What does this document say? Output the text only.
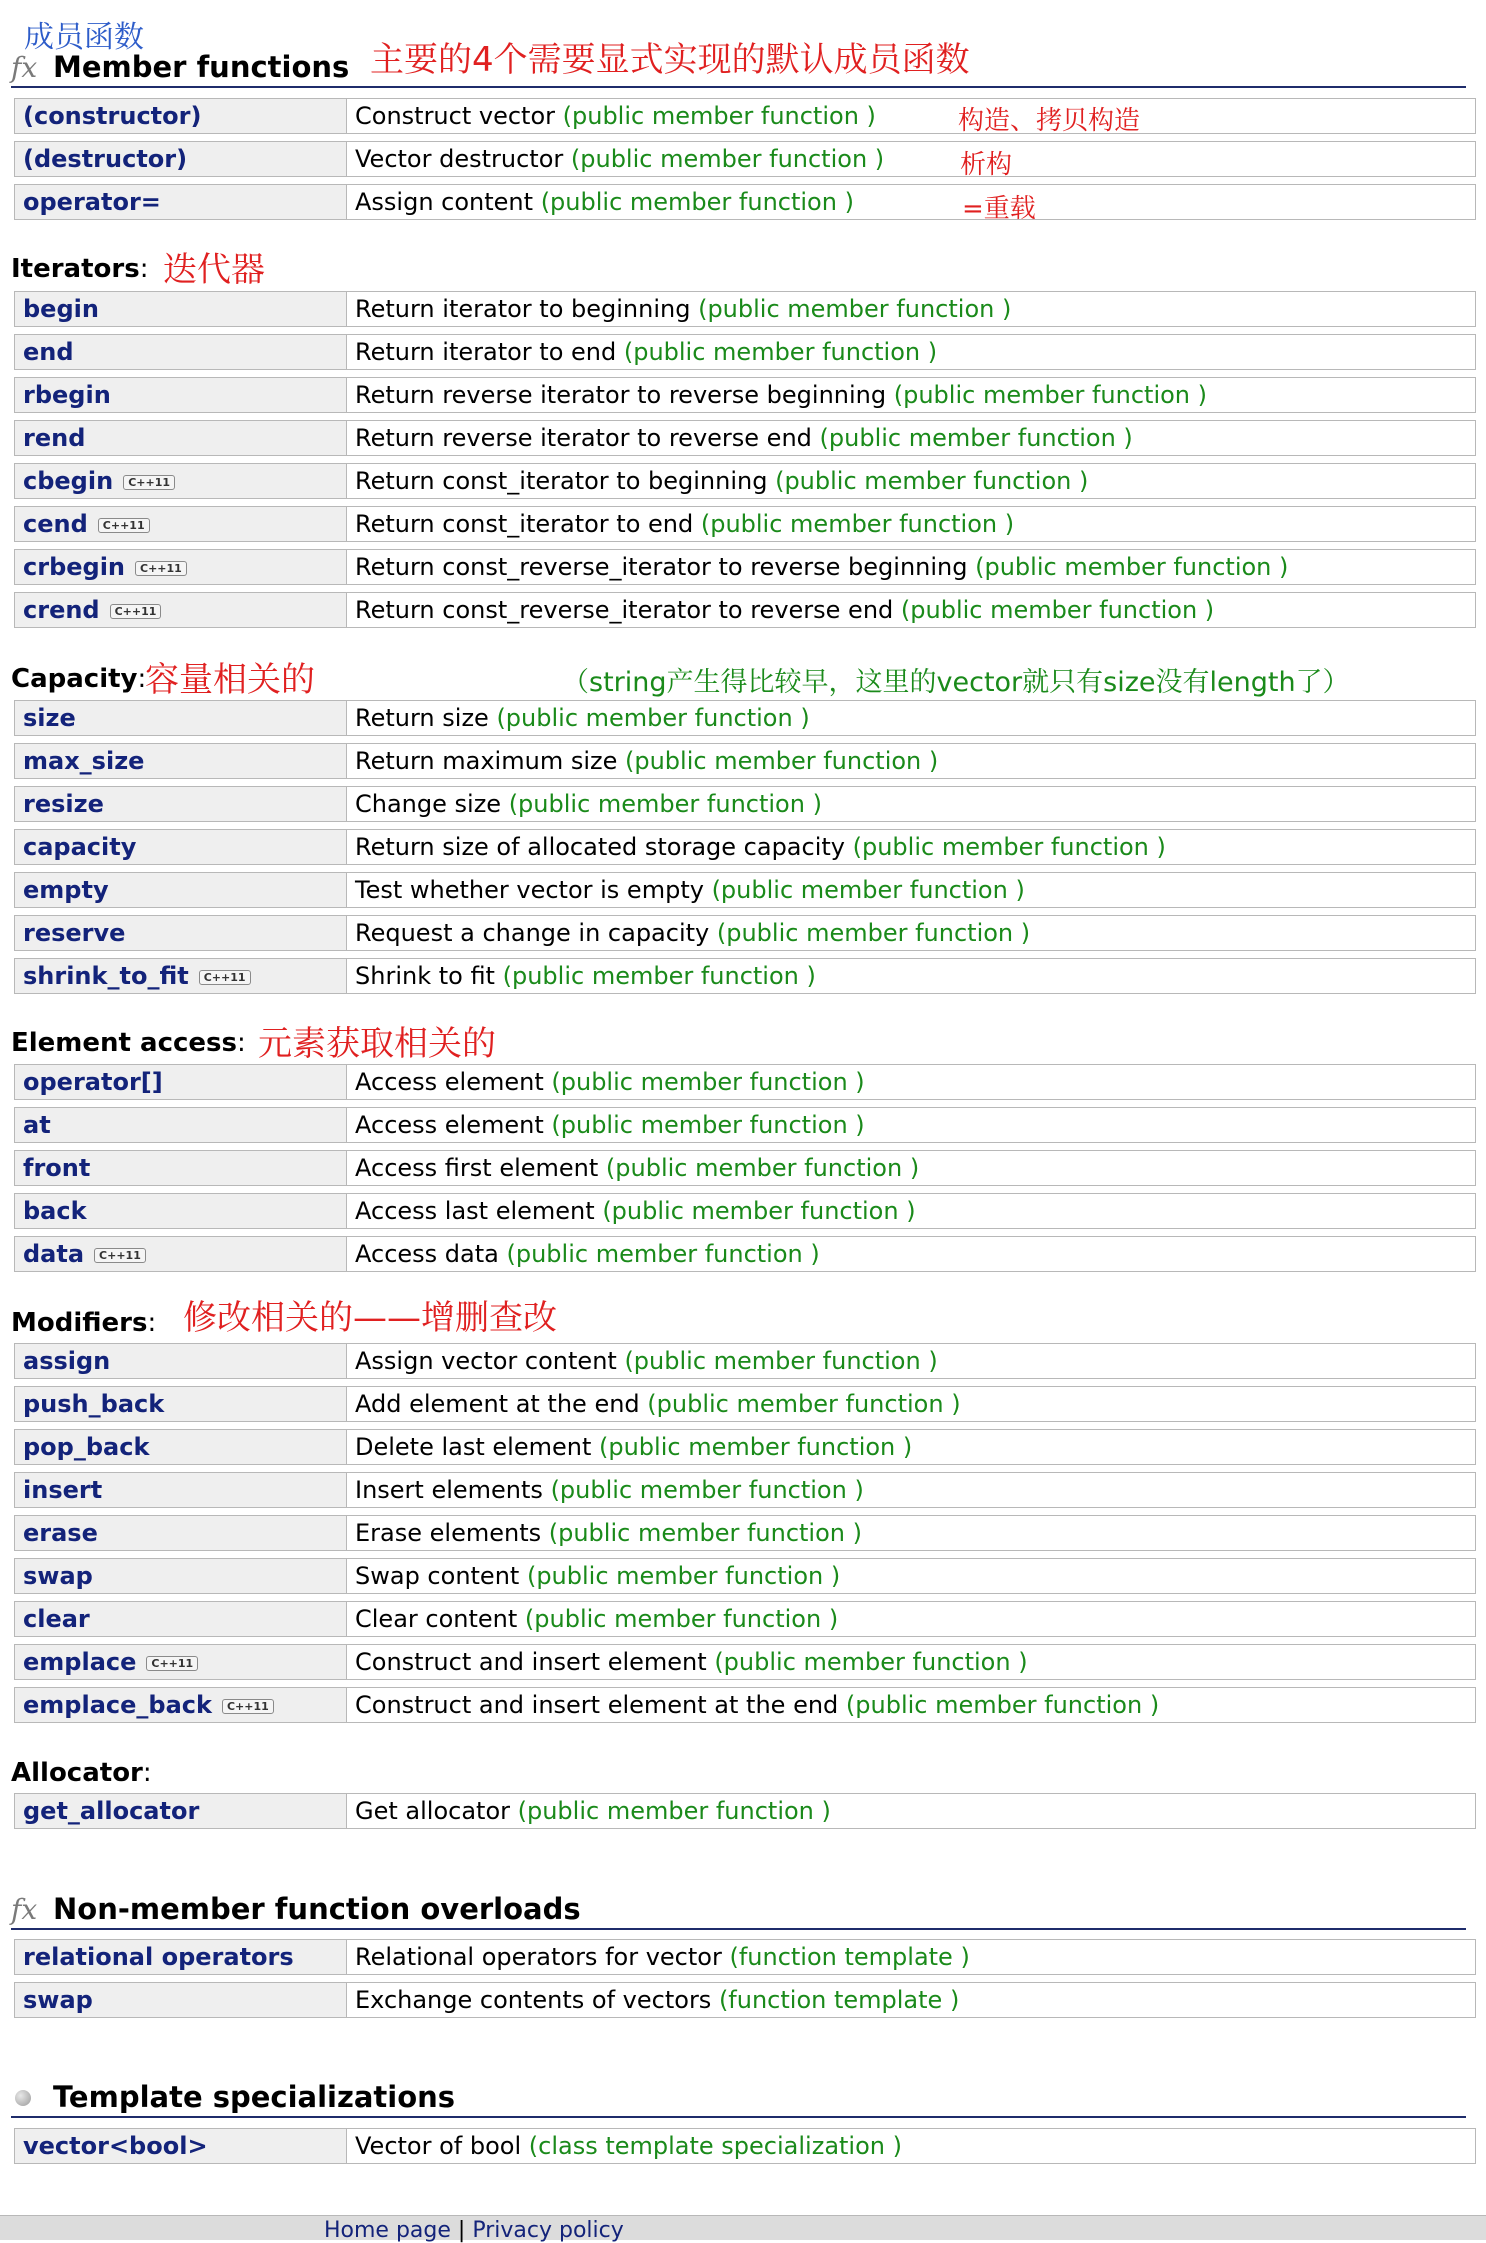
成员函数
fx Member functions 主要的4个需要显式实现的默认成员函数
(constructor)	Construct vector (public member function )
(destructor)	Vector destructor (public member function )
operator=	Assign content (public member function )
构造、拷贝构造
析构
=重载
Iterators: 迭代器
begin	Return iterator to beginning (public member function )
end	Return iterator to end (public member function )
rbegin	Return reverse iterator to reverse beginning (public member function )
rend	Return reverse iterator to reverse end (public member function )
cbegin C++11	Return const_iterator to beginning (public member function )
cend C++11	Return const_iterator to end (public member function )
crbegin C++11	Return const_reverse_iterator to reverse beginning (public member function )
crend C++11	Return const_reverse_iterator to reverse end (public member function )
Capacity:
容量相关的	（string产生得比较早，这里的vector就只有size没有length了）
size	Return size (public member function )
max_size	Return maximum size (public member function )
resize	Change size (public member function )
capacity	Return size of allocated storage capacity (public member function )
empty	Test whether vector is empty (public member function )
reserve	Request a change in capacity (public member function )
shrink_to_fit C++11	Shrink to fit (public member function )
Element access: 元素获取相关的
operator[]	Access element (public member function )
at	Access element (public member function )
front	Access first element (public member function )
back	Access last element (public member function )
data C++11	Access data (public member function )
Modifiers: 修改相关的——增删查改
assign	Assign vector content (public member function )
push_back	Add element at the end (public member function )
pop_back	Delete last element (public member function )
insert	Insert elements (public member function )
erase	Erase elements (public member function )
swap	Swap content (public member function )
clear	Clear content (public member function )
emplace C++11	Construct and insert element (public member function )
emplace_back C++11	Construct and insert element at the end (public member function )
Allocator:
get_allocator	Get allocator (public member function )
fx Non-member function overloads
relational operators	Relational operators for vector (function template )
swap	Exchange contents of vectors (function template )
Template specializations
vector<bool>	Vector of bool (class template specialization )
Home page | Privacy policy
